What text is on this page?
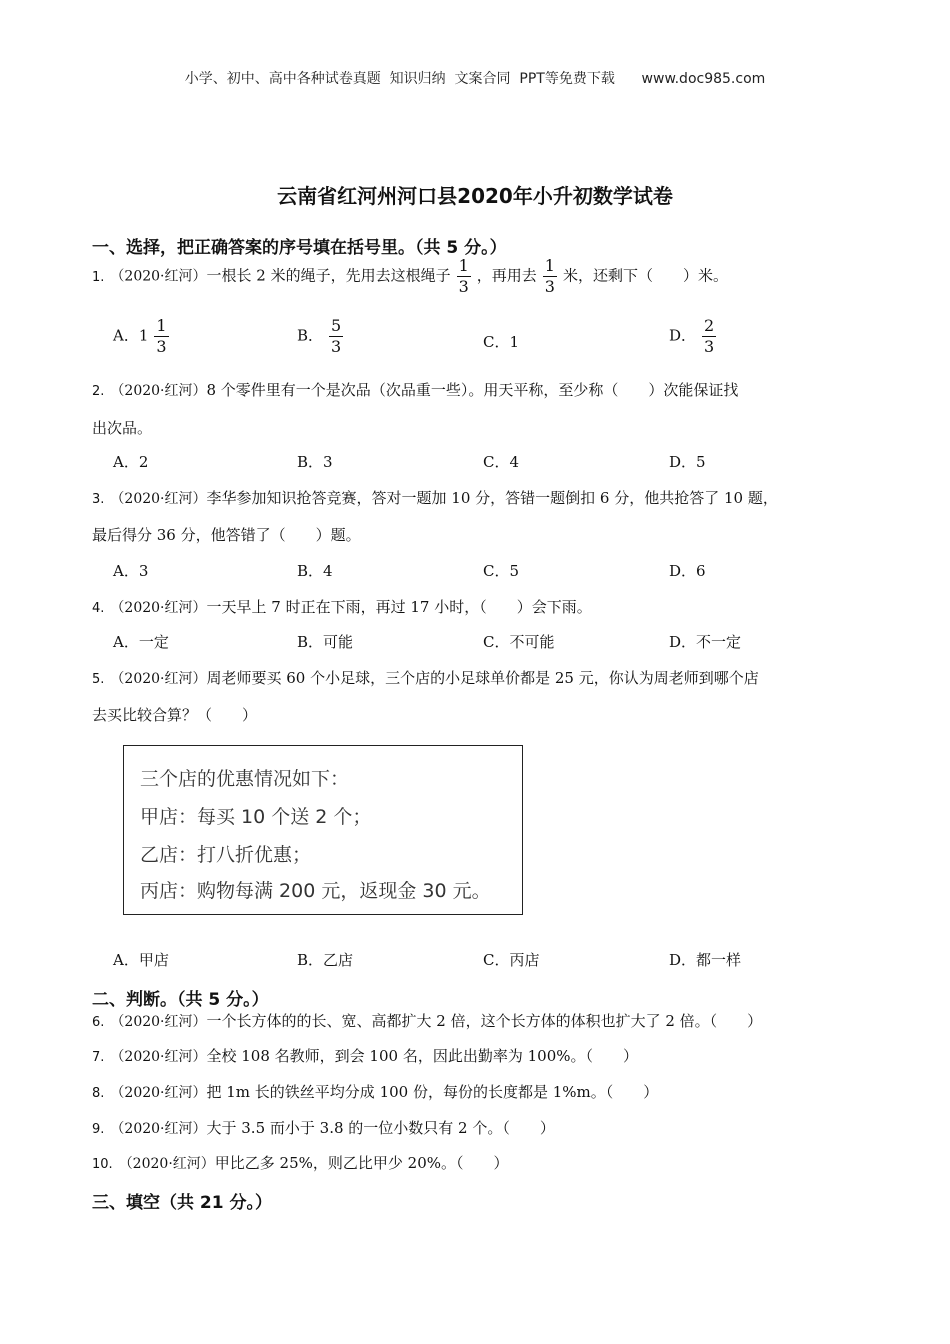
小学、初中、高中各种试卷真题  知识归纳  文案合同  PPT等免费下载      www.doc985.com
云南省红河州河口县2020年小升初数学试卷
一、选择，把正确答案的序号填在括号里。（共 5 分。）
1. （2020·红河）一根长 2 米的绳子，先用去这根绳子 $\frac{1}{3}$ ，再用去 $\frac{1}{3}$ 米，还剩下（　　）米。
A．$1 \frac{1}{3}$	B． $\frac{5}{3}$	C．1	D． $\frac{2}{3}$
2. （2020·红河）8 个零件里有一个是次品（次品重一些）。用天平称，至少称（　　）次能保证找
出次品。
A．2	B．3	C．4	D．5
3. （2020·红河）李华参加知识抢答竞赛，答对一题加 10 分，答错一题倒扣 6 分，他共抢答了 10 题，
最后得分 36 分，他答错了（　　）题。
A．3	B．4	C．5	D．6
4. （2020·红河）一天早上 7 时正在下雨，再过 17 小时，（　　）会下雨。
A．一定	B．可能	C．不可能	D．不一定
5. （2020·红河）周老师要买 60 个小足球，三个店的小足球单价都是 25 元，你认为周老师到哪个店
去买比较合算？（　　）
三个店的优惠情况如下：
甲店：每买 10 个送 2 个；
乙店：打八折优惠；
丙店：购物每满 200 元，返现金 30 元。
A．甲店	B．乙店	C．丙店	D．都一样
二、判断。（共 5 分。）
6. （2020·红河）一个长方体的的长、宽、高都扩大 2 倍，这个长方体的体积也扩大了 2 倍。（　　）
7. （2020·红河）全校 108 名教师，到会 100 名，因此出勤率为 100%。（　　）
8. （2020·红河）把 1m 长的铁丝平均分成 100 份，每份的长度都是 1%m。（　　）
9. （2020·红河）大于 3.5 而小于 3.8 的一位小数只有 2 个。（　　）
10. （2020·红河）甲比乙多 25%，则乙比甲少 20%。（　　）
三、填空（共 21 分。）
